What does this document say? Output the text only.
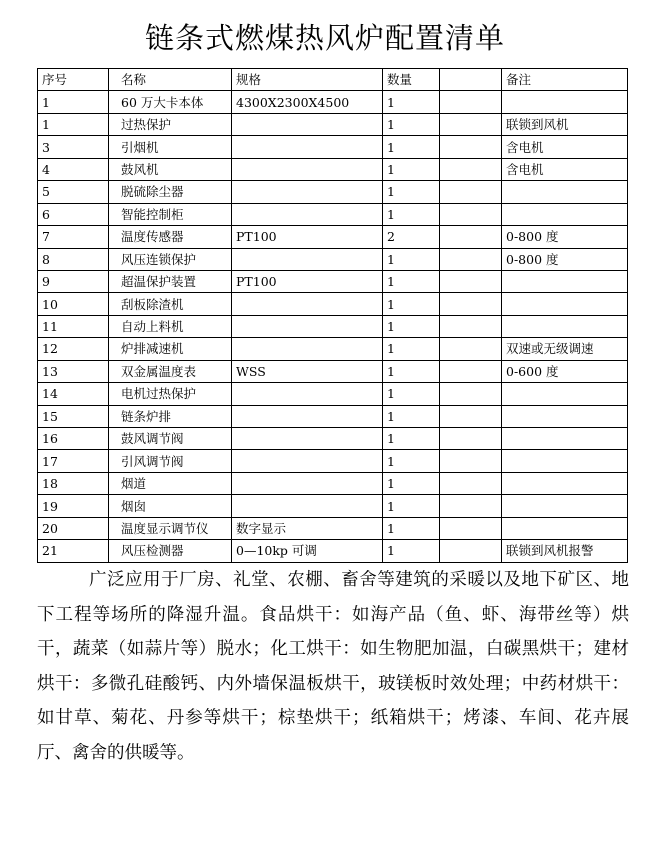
链条式燃煤热风炉配置清单
序号	名称	规格	数量		备注
1	60 万大卡本体	4300X2300X4500	1		
1	过热保护		1		联锁到风机
3	引烟机		1		含电机
4	鼓风机		1		含电机
5	脱硫除尘器		1		
6	智能控制柜		1		
7	温度传感器	PT100	2		0-800 度
8	风压连锁保护		1		0-800 度
9	超温保护装置	PT100	1		
10	刮板除渣机		1		
11	自动上料机		1		
12	炉排减速机		1		双速或无级调速
13	双金属温度表	WSS	1		0-600 度
14	电机过热保护		1		
15	链条炉排		1		
16	鼓风调节阀		1		
17	引风调节阀		1		
18	烟道		1		
19	烟囱		1		
20	温度显示调节仪	数字显示	1		
21	风压检测器	0—10kp 可调	1		联锁到风机报警
广泛应用于厂房、礼堂、农棚、畜舍等建筑的采暖以及地下矿区、地下工程等场所的降湿升温。食品烘干：如海产品（鱼、虾、海带丝等）烘干，蔬菜（如蒜片等）脱水；化工烘干：如生物肥加温，白碳黑烘干；建材烘干：多微孔硅酸钙、内外墙保温板烘干，玻镁板时效处理；中药材烘干：如甘草、菊花、丹参等烘干；棕垫烘干；纸箱烘干；烤漆、车间、花卉展厅、禽舍的供暖等。
